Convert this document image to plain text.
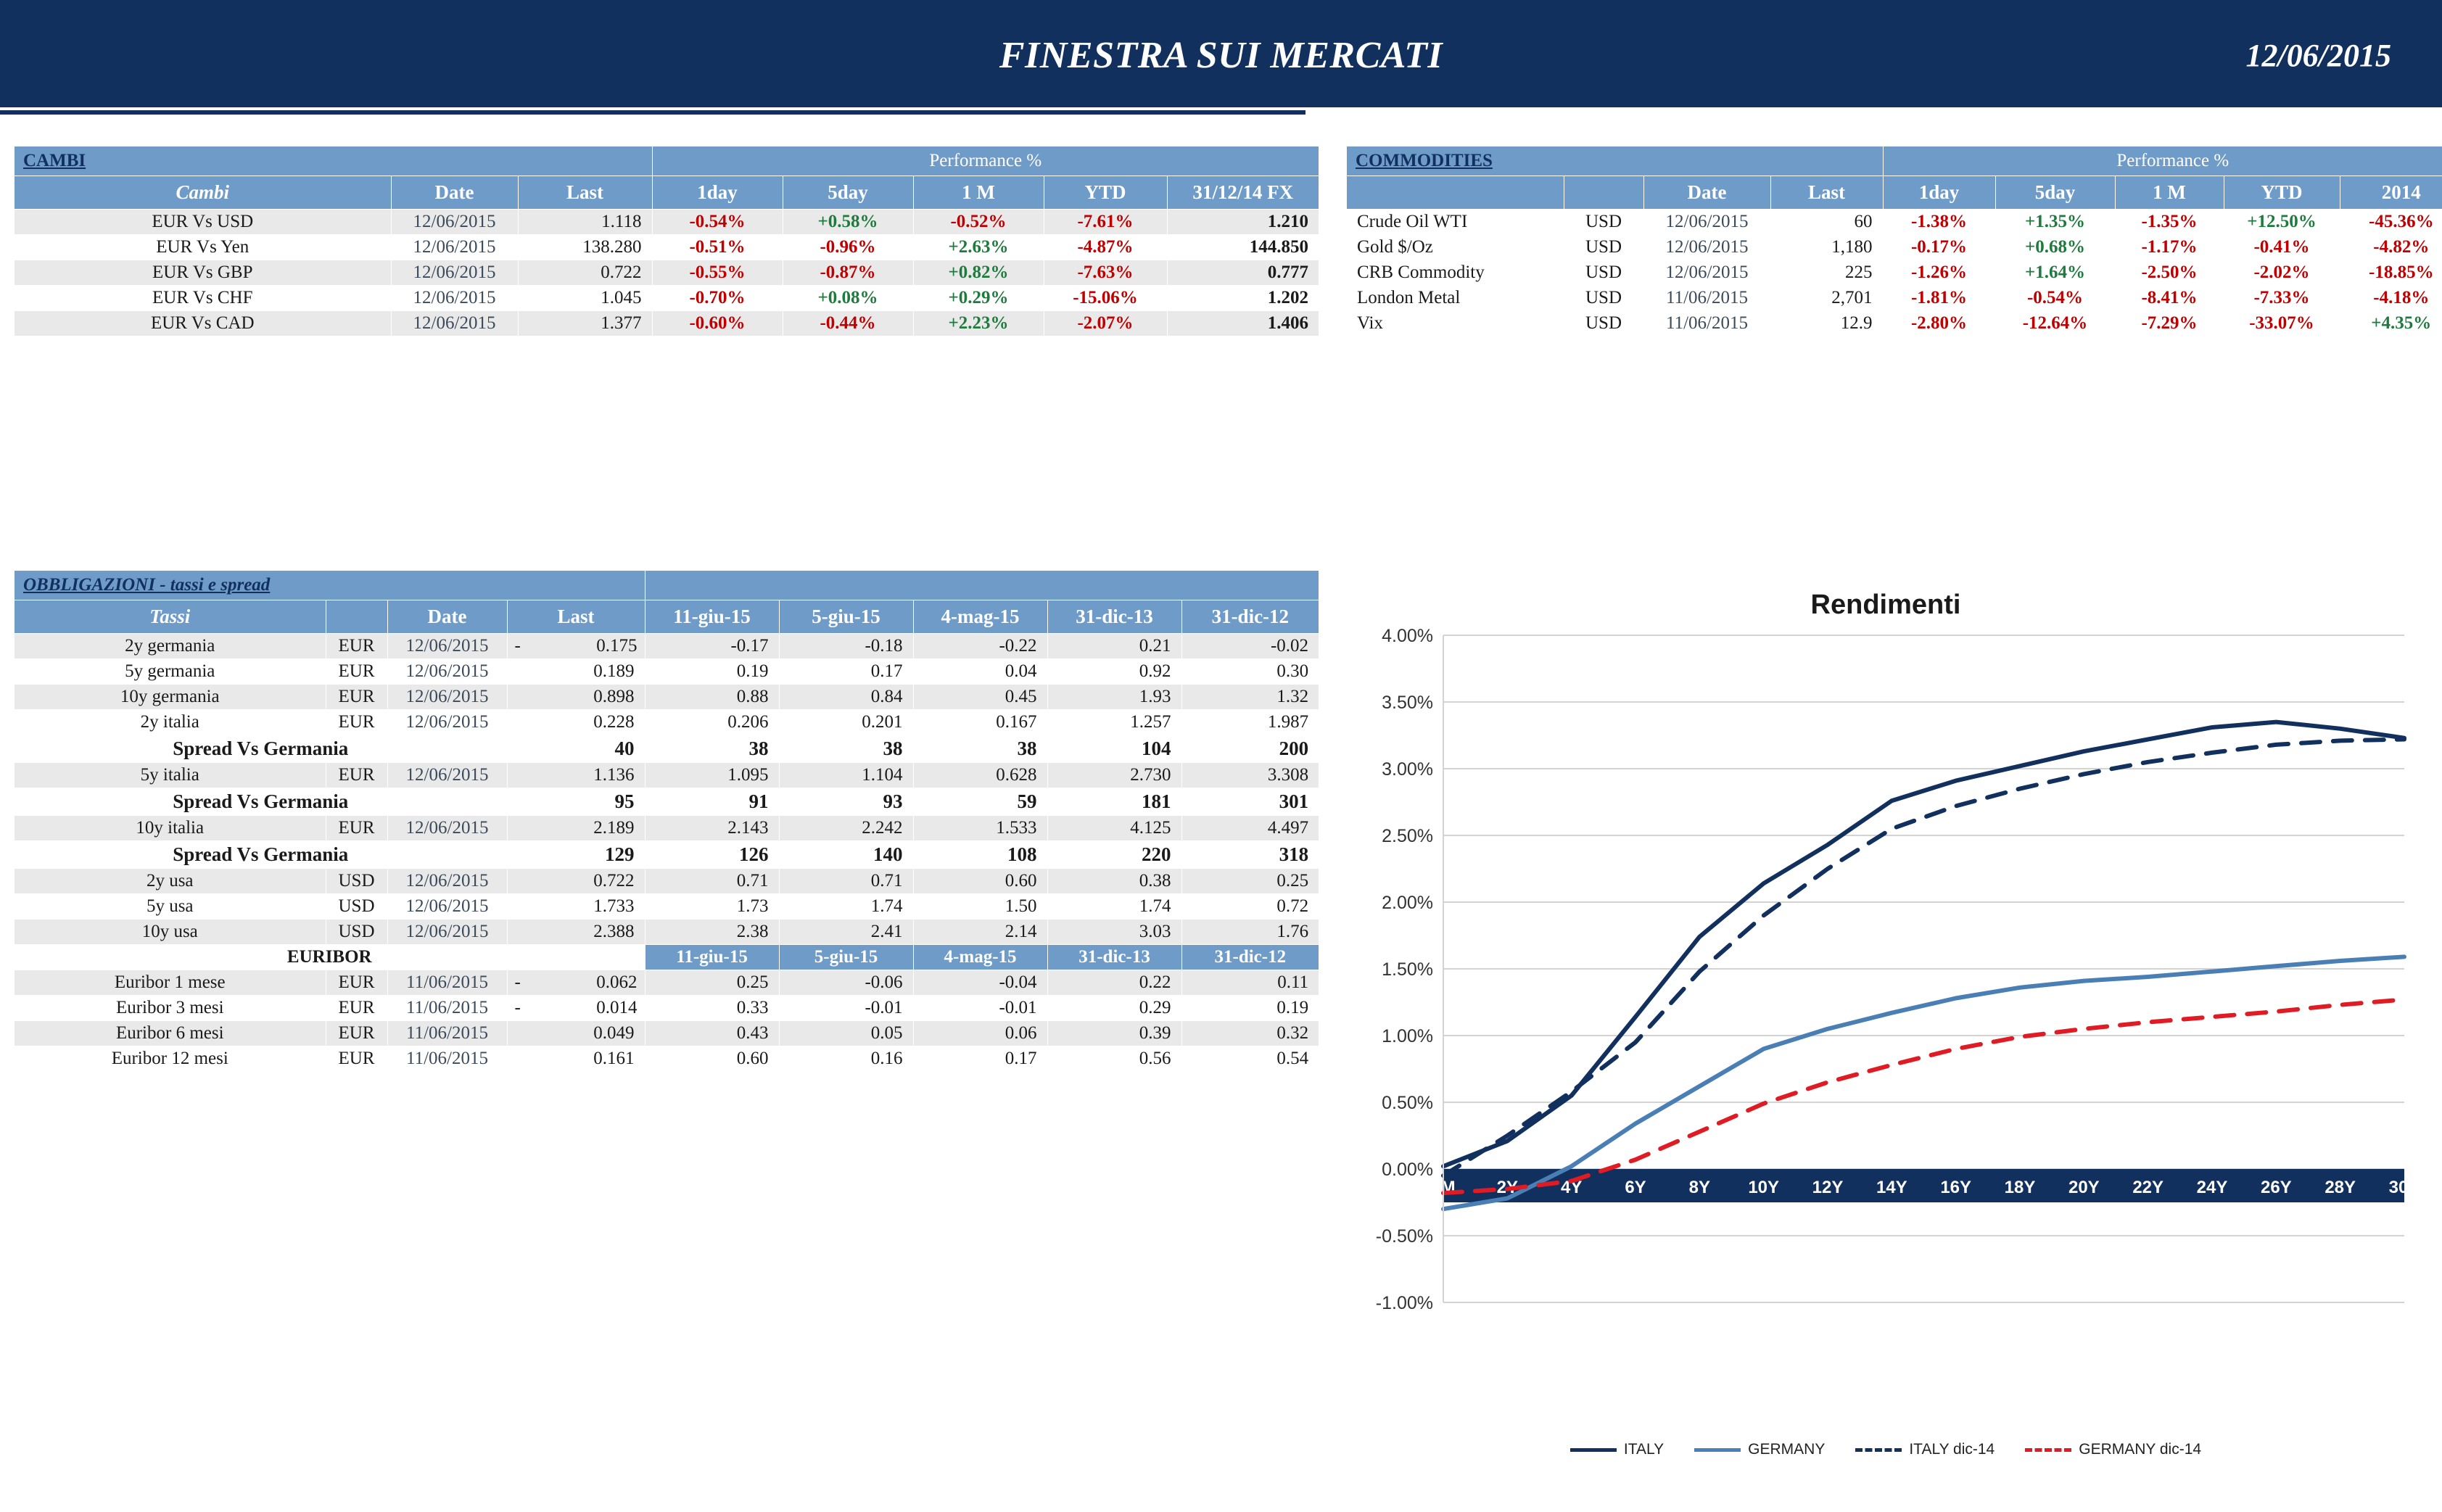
FINESTRA SUI MERCATI	12/06/2015
CAMBI			Performance %				
Cambi	Date	Last	1day	5day	1 M	YTD	31/12/14 FX
EUR Vs USD	12/06/2015	1.118	-0.54%	+0.58%	-0.52%	-7.61%	1.210
EUR Vs Yen	12/06/2015	138.280	-0.51%	-0.96%	+2.63%	-4.87%	144.850
EUR Vs GBP	12/06/2015	0.722	-0.55%	-0.87%	+0.82%	-7.63%	0.777
EUR Vs CHF	12/06/2015	1.045	-0.70%	+0.08%	+0.29%	-15.06%	1.202
EUR Vs CAD	12/06/2015	1.377	-0.60%	-0.44%	+2.23%	-2.07%	1.406
COMMODITIES				Performance %				
		Date	Last	1day	5day	1 M	YTD	2014
Crude Oil WTI	USD	12/06/2015	60	-1.38%	+1.35%	-1.35%	+12.50%	-45.36%
Gold $/Oz	USD	12/06/2015	1,180	-0.17%	+0.68%	-1.17%	-0.41%	-4.82%
CRB Commodity	USD	12/06/2015	225	-1.26%	+1.64%	-2.50%	-2.02%	-18.85%
London Metal	USD	11/06/2015	2,701	-1.81%	-0.54%	-8.41%	-7.33%	-4.18%
Vix	USD	11/06/2015	12.9	-2.80%	-12.64%	-7.29%	-33.07%	+4.35%
OBBLIGAZIONI - tassi e spread								
Tassi		Date	Last	11-giu-15	5-giu-15	4-mag-15	31-dic-13	31-dic-12
2y germania	EUR	12/06/2015	- 0.175	-0.17	-0.18	-0.22	0.21	-0.02
5y germania	EUR	12/06/2015	0.189	0.19	0.17	0.04	0.92	0.30
10y germania	EUR	12/06/2015	0.898	0.88	0.84	0.45	1.93	1.32
2y italia	EUR	12/06/2015	0.228	0.206	0.201	0.167	1.257	1.987
Spread Vs Germania			40	38	38	38	104	200
5y italia	EUR	12/06/2015	1.136	1.095	1.104	0.628	2.730	3.308
Spread Vs Germania			95	91	93	59	181	301
10y italia	EUR	12/06/2015	2.189	2.143	2.242	1.533	4.125	4.497
Spread Vs Germania			129	126	140	108	220	318
2y usa	USD	12/06/2015	0.722	0.71	0.71	0.60	0.38	0.25
5y usa	USD	12/06/2015	1.733	1.73	1.74	1.50	1.74	0.72
10y usa	USD	12/06/2015	2.388	2.38	2.41	2.14	3.03	1.76
EURIBOR				11-giu-15	5-giu-15	4-mag-15	31-dic-13	31-dic-12
Euribor 1 mese	EUR	11/06/2015	- 0.062	0.25	-0.06	-0.04	0.22	0.11
Euribor 3 mesi	EUR	11/06/2015	- 0.014	0.33	-0.01	-0.01	0.29	0.19
Euribor 6 mesi	EUR	11/06/2015	0.049	0.43	0.05	0.06	0.39	0.32
Euribor 12 mesi	EUR	11/06/2015	0.161	0.60	0.16	0.17	0.56	0.54
Rendimenti
4.00%
3.50%
3.00%
2.50%
2.00%
1.50%
1.00%
0.50%
0.00%
-0.50%
-1.00%
3M 2Y 4Y 6Y 8Y 10Y 12Y 14Y 16Y 18Y 20Y 22Y 24Y 26Y 28Y 30Y
ITALY	GERMANY	ITALY dic-14	GERMANY dic-14
